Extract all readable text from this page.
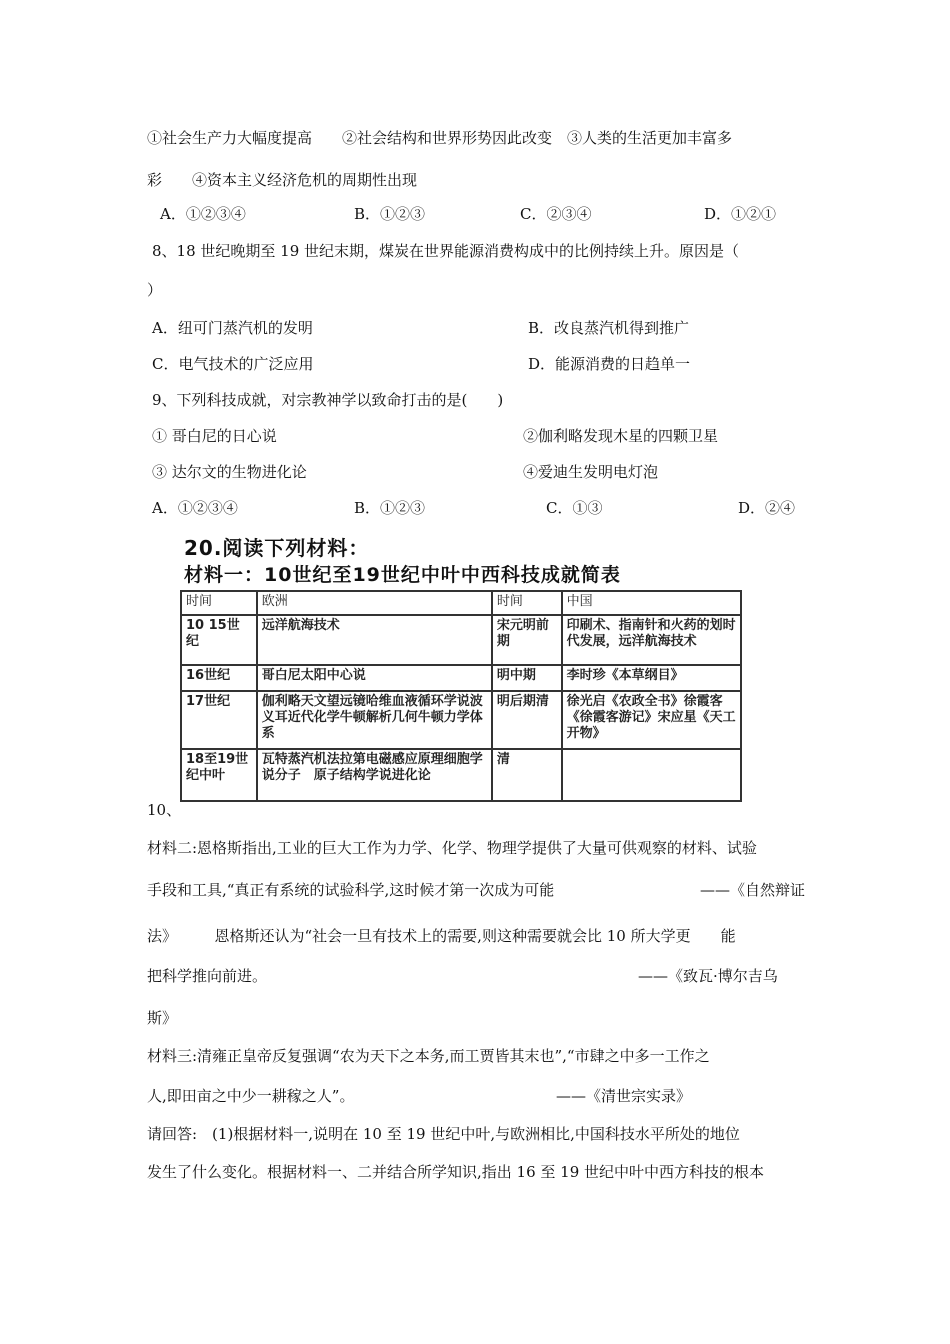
①社会生产力大幅度提高　　②社会结构和世界形势因此改变　③人类的生活更加丰富多
彩　　④资本主义经济危机的周期性出现
A．①②③④	B．①②③	C．②③④	D．①②①
8、18 世纪晚期至 19 世纪末期，煤炭在世界能源消费构成中的比例持续上升。原因是（
）
A．纽可门蒸汽机的发明	B．改良蒸汽机得到推广
C．电气技术的广泛应用	D．能源消费的日趋单一
9、下列科技成就，对宗教神学以致命打击的是(　　)
① 哥白尼的日心说	②伽利略发现木星的四颗卫星
③ 达尔文的生物进化论	④爱迪生发明电灯泡
A．①②③④	B．①②③	C．①③	D．②④
20.阅读下列材料：
材料一：10世纪至19世纪中叶中西科技成就简表
时间	欧洲	时间	中国
10 15世纪	远洋航海技术	宋元明前期	印刷术、指南针和火药的划时代发展，远洋航海技术
16世纪	哥白尼太阳中心说	明中期	李时珍《本草纲目》
17世纪	伽利略天文望远镜哈维血液循环学说波义耳近代化学牛顿解析几何牛顿力学体系	明后期清	徐光启《农政全书》徐霞客《徐霞客游记》宋应星《天工开物》
18至19世纪中叶	瓦特蒸汽机法拉第电磁感应原理细胞学说分子　原子结构学说进化论	清	
10、
材料二:恩格斯指出,工业的巨大工作为力学、化学、物理学提供了大量可供观察的材料、试验
手段和工具,“真正有系统的试验科学,这时候才第一次成为可能	——《自然辩证
法》　　　恩格斯还认为“社会一旦有技术上的需要,则这种需要就会比 10 所大学更　　能
把科学推向前进。	——《致瓦·博尔吉乌
斯》
材料三:清雍正皇帝反复强调“农为天下之本务,而工贾皆其末也”,“市肆之中多一工作之
人,即田亩之中少一耕稼之人”。	——《清世宗实录》
请回答:　(1)根据材料一,说明在 10 至 19 世纪中叶,与欧洲相比,中国科技水平所处的地位
发生了什么变化。根据材料一、二并结合所学知识,指出 16 至 19 世纪中叶中西方科技的根本
